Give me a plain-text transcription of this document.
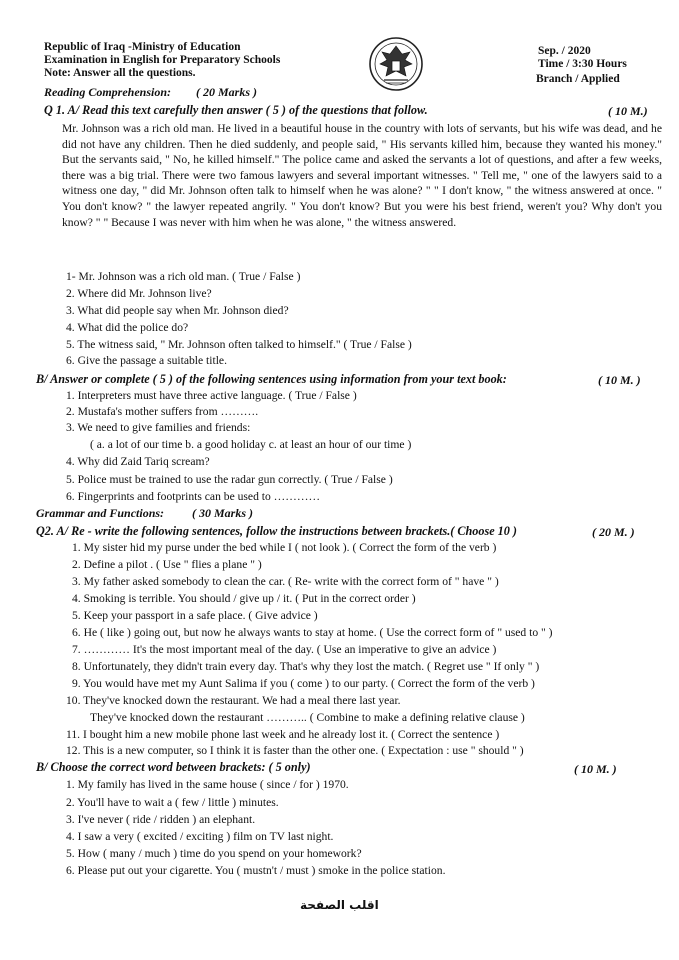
Republic of Iraq -Ministry of Education
Examination in English for Preparatory Schools
Note: Answer all the questions.
Sep. / 2020
Time / 3:30 Hours
Branch / Applied
Reading Comprehension: ( 20 Marks )
Q 1. A/ Read this text carefully then answer ( 5 ) of the questions that follow.	( 10 M.)
Mr. Johnson was a rich old man. He lived in a beautiful house in the country with lots of servants, but his wife was dead, and he did not have any children. Then he died suddenly, and people said, " His servants killed him, because they wanted his money." But the servants said, " No, he killed himself." The police came and asked the servants a lot of questions, and after a few weeks, there was a big trial. There were two famous lawyers and several important witnesses. " Tell me, " one of the lawyers said to a witness one day, " did Mr. Johnson often talk to himself when he was alone? " " I don't know, " the witness answered at once. " You don't know? " the lawyer repeated angrily. " You don't know? But you were his best friend, weren't you? Why don't you know? " " Because I was never with him when he was alone, " the witness answered.
1- Mr. Johnson was a rich old man. ( True / False )
2. Where did Mr. Johnson live?
3. What did people say when Mr. Johnson died?
4. What did the police do?
5. The witness said, " Mr. Johnson often talked to himself." ( True / False )
6. Give the passage a suitable title.
B/ Answer or complete ( 5 ) of the following sentences using information from your text book:	( 10 M. )
1. Interpreters must have three active language. ( True / False )
2. Mustafa's mother suffers from ……….
3. We need to give families and friends:
( a. a lot of our time b. a good holiday c. at least an hour of our time )
4. Why did Zaid Tariq scream?
5. Police must be trained to use the radar gun correctly. ( True / False )
6. Fingerprints and footprints can be used to …………
Grammar and Functions: ( 30 Marks )
Q2. A/ Re - write the following sentences, follow the instructions between brackets.( Choose 10 )	( 20 M. )
1. My sister hid my purse under the bed while I ( not look ). ( Correct the form of the verb )
2. Define a pilot . ( Use " flies a plane " )
3. My father asked somebody to clean the car. ( Re- write with the correct form of " have " )
4. Smoking is terrible. You should / give up / it. ( Put in the correct order )
5. Keep your passport in a safe place. ( Give advice )
6. He ( like ) going out, but now he always wants to stay at home. ( Use the correct form of " used to " )
7. ………… It's the most important meal of the day. ( Use an imperative to give an advice )
8. Unfortunately, they didn't train every day. That's why they lost the match. ( Regret use " If only " )
9. You would have met my Aunt Salima if you ( come ) to our party. ( Correct the form of the verb )
10. They've knocked down the restaurant. We had a meal there last year.
They've knocked down the restaurant ……….. ( Combine to make a defining relative clause )
11. I bought him a new mobile phone last week and he already lost it. ( Correct the sentence )
12. This is a new computer, so I think it is faster than the other one. ( Expectation : use " should " )
B/ Choose the correct word between brackets: ( 5 only)	( 10 M. )
1. My family has lived in the same house ( since / for ) 1970.
2. You'll have to wait a ( few / little ) minutes.
3. I've never ( ride / ridden ) an elephant.
4. I saw a very ( excited / exciting ) film on TV last night.
5. How ( many / much ) time do you spend on your homework?
6. Please put out your cigarette. You ( mustn't / must ) smoke in the police station.
اقلب الصفحة
